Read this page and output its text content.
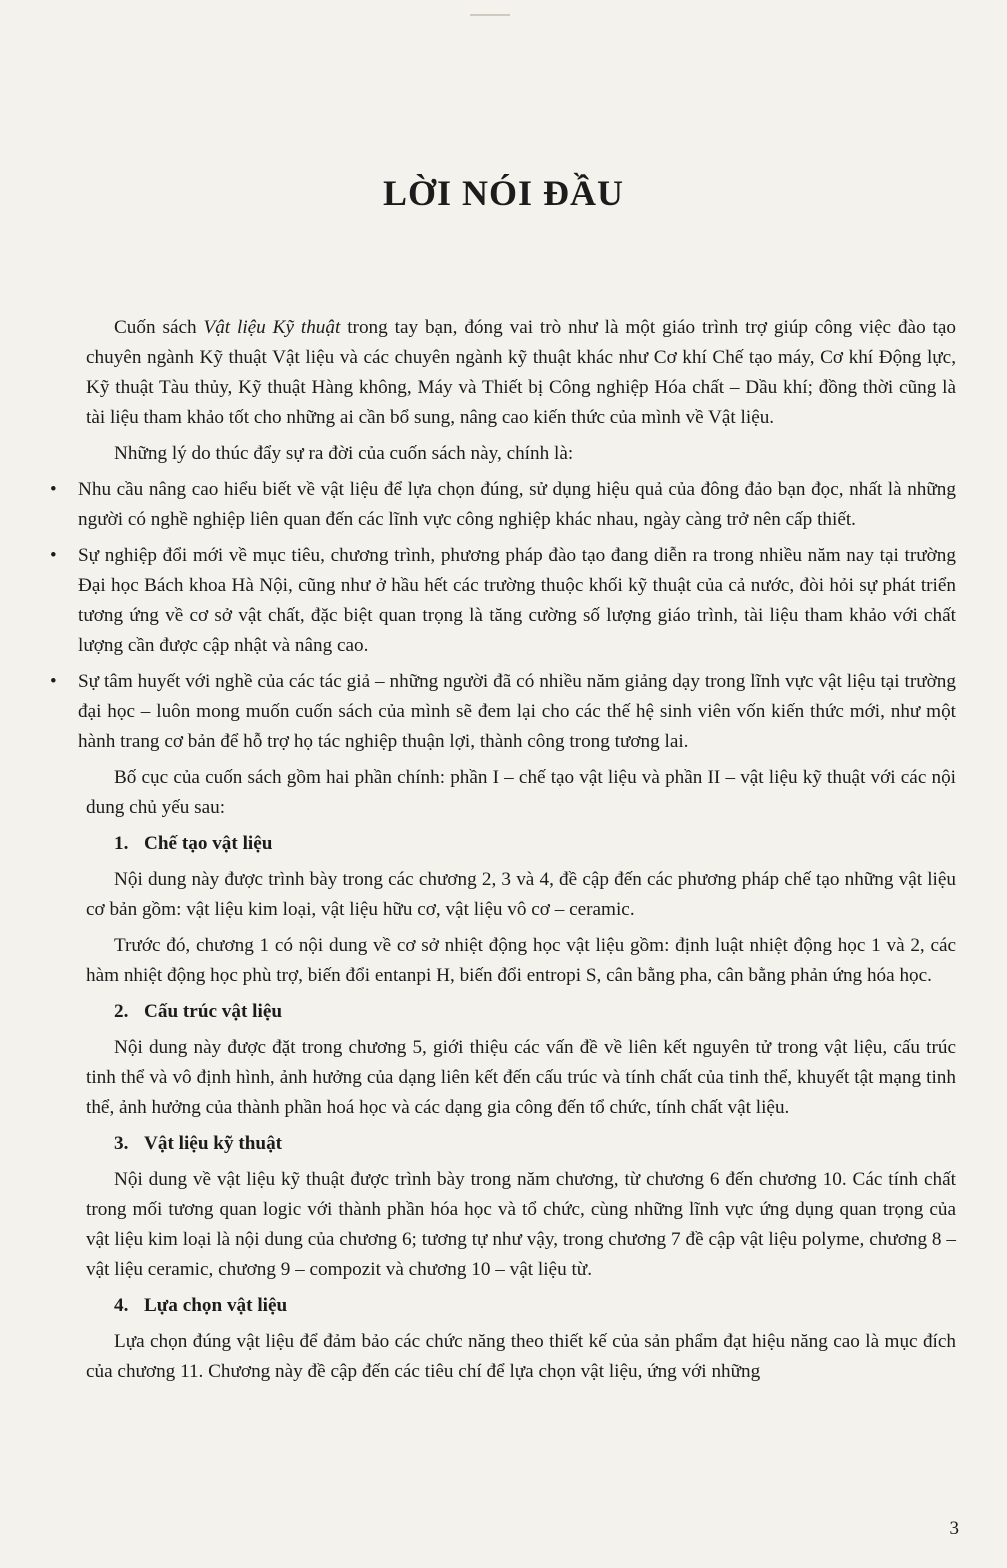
LỜI NÓI ĐẦU

Cuốn sách Vật liệu Kỹ thuật trong tay bạn, đóng vai trò như là một giáo trình trợ giúp công việc đào tạo chuyên ngành Kỹ thuật Vật liệu và các chuyên ngành kỹ thuật khác như Cơ khí Chế tạo máy, Cơ khí Động lực, Kỹ thuật Tàu thủy, Kỹ thuật Hàng không, Máy và Thiết bị Công nghiệp Hóa chất – Dầu khí; đồng thời cũng là tài liệu tham khảo tốt cho những ai cần bổ sung, nâng cao kiến thức của mình về Vật liệu.

Những lý do thúc đẩy sự ra đời của cuốn sách này, chính là:

•	Nhu cầu nâng cao hiểu biết về vật liệu để lựa chọn đúng, sử dụng hiệu quả của đông đảo bạn đọc, nhất là những người có nghề nghiệp liên quan đến các lĩnh vực công nghiệp khác nhau, ngày càng trở nên cấp thiết.
•	Sự nghiệp đổi mới về mục tiêu, chương trình, phương pháp đào tạo đang diễn ra trong nhiều năm nay tại trường Đại học Bách khoa Hà Nội, cũng như ở hầu hết các trường thuộc khối kỹ thuật của cả nước, đòi hỏi sự phát triển tương ứng về cơ sở vật chất, đặc biệt quan trọng là tăng cường số lượng giáo trình, tài liệu tham khảo với chất lượng cần được cập nhật và nâng cao.
•	Sự tâm huyết với nghề của các tác giả – những người đã có nhiều năm giảng dạy trong lĩnh vực vật liệu tại trường đại học – luôn mong muốn cuốn sách của mình sẽ đem lại cho các thế hệ sinh viên vốn kiến thức mới, như một hành trang cơ bản để hỗ trợ họ tác nghiệp thuận lợi, thành công trong tương lai.

Bố cục của cuốn sách gồm hai phần chính: phần I – chế tạo vật liệu và phần II – vật liệu kỹ thuật với các nội dung chủ yếu sau:

1. Chế tạo vật liệu

Nội dung này được trình bày trong các chương 2, 3 và 4, đề cập đến các phương pháp chế tạo những vật liệu cơ bản gồm: vật liệu kim loại, vật liệu hữu cơ, vật liệu vô cơ – ceramic.

Trước đó, chương 1 có nội dung về cơ sở nhiệt động học vật liệu gồm: định luật nhiệt động học 1 và 2, các hàm nhiệt động học phù trợ, biến đổi entanpi H, biến đổi entropi S, cân bằng pha, cân bằng phản ứng hóa học.

2. Cấu trúc vật liệu

Nội dung này được đặt trong chương 5, giới thiệu các vấn đề về liên kết nguyên tử trong vật liệu, cấu trúc tinh thể và vô định hình, ảnh hưởng của dạng liên kết đến cấu trúc và tính chất của tinh thể, khuyết tật mạng tinh thể, ảnh hưởng của thành phần hoá học và các dạng gia công đến tổ chức, tính chất vật liệu.

3. Vật liệu kỹ thuật

Nội dung về vật liệu kỹ thuật được trình bày trong năm chương, từ chương 6 đến chương 10. Các tính chất trong mối tương quan logic với thành phần hóa học và tổ chức, cùng những lĩnh vực ứng dụng quan trọng của vật liệu kim loại là nội dung của chương 6; tương tự như vậy, trong chương 7 đề cập vật liệu polyme, chương 8 – vật liệu ceramic, chương 9 – compozit và chương 10 – vật liệu từ.

4. Lựa chọn vật liệu

Lựa chọn đúng vật liệu để đảm bảo các chức năng theo thiết kế của sản phẩm đạt hiệu năng cao là mục đích của chương 11. Chương này đề cập đến các tiêu chí để lựa chọn vật liệu, ứng với những

3
